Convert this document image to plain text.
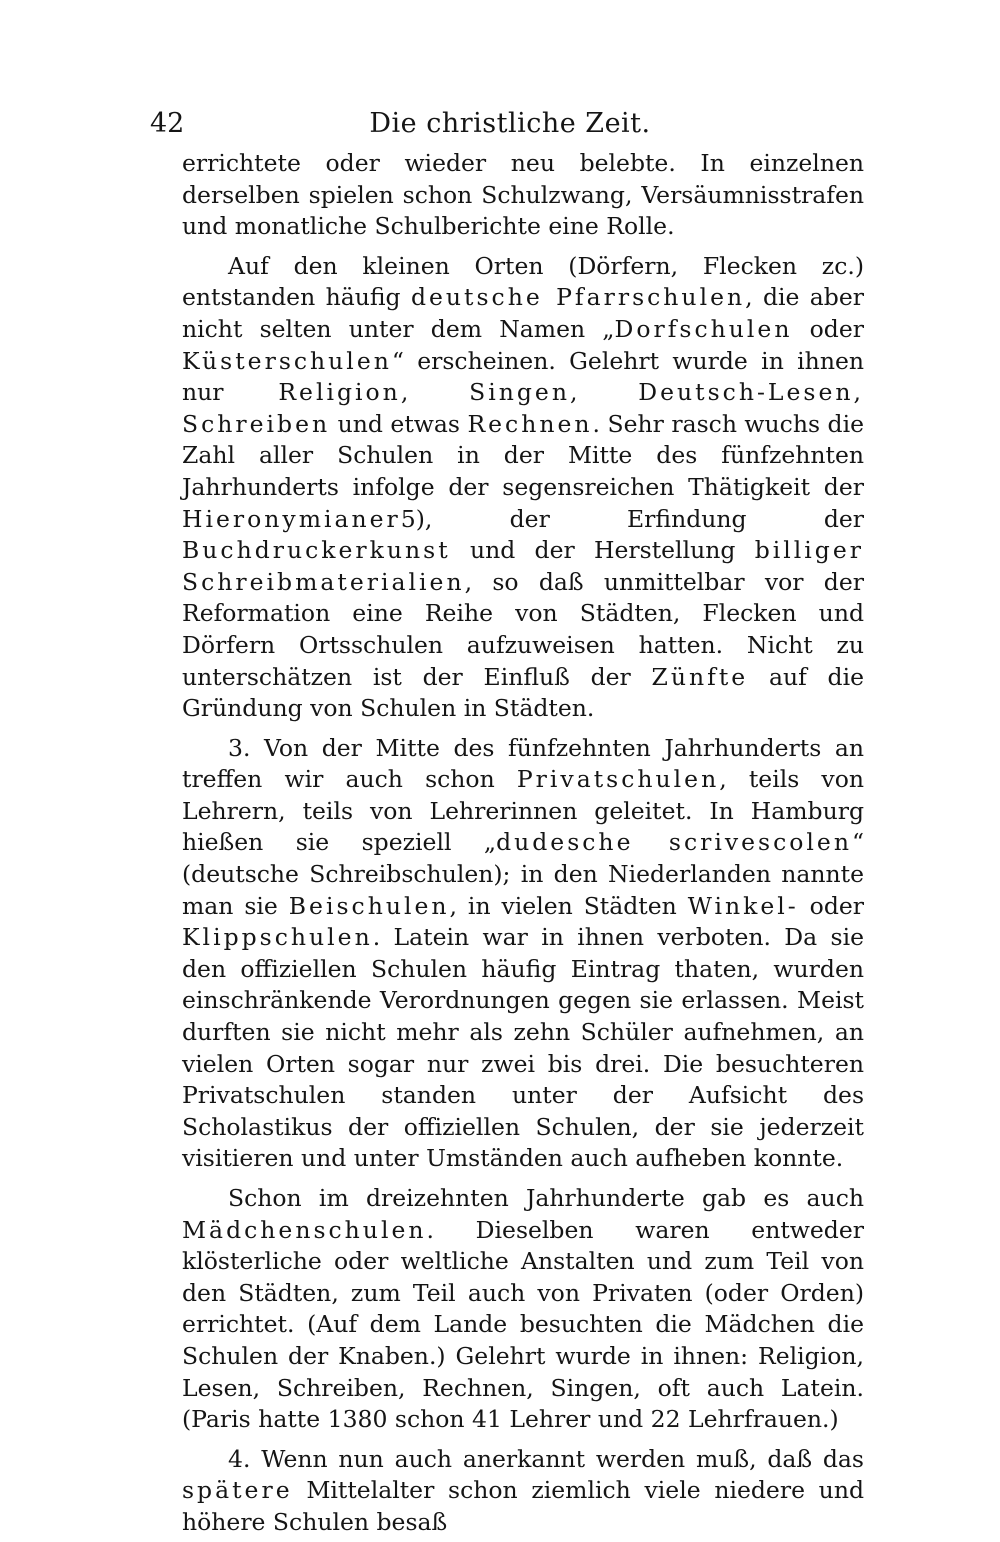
42	Die christliche Zeit.

errichtete oder wieder neu belebte. In einzelnen derselben spielen schon Schulzwang, Versäumnisstrafen und monatliche Schulberichte eine Rolle.

Auf den kleinen Orten (Dörfern, Flecken zc.) entstanden häufig deutsche Pfarrschulen, die aber nicht selten unter dem Namen „Dorfschulen oder Küsterschulen“ erscheinen. Gelehrt wurde in ihnen nur Religion, Singen, Deutsch-Lesen, Schreiben und etwas Rechnen. Sehr rasch wuchs die Zahl aller Schulen in der Mitte des fünfzehnten Jahrhunderts infolge der segensreichen Thätigkeit der Hieronymianer5), der Erfindung der Buchdruckerkunst und der Herstellung billiger Schreibmaterialien, so daß unmittelbar vor der Reformation eine Reihe von Städten, Flecken und Dörfern Ortsschulen aufzuweisen hatten. Nicht zu unterschätzen ist der Einfluß der Zünfte auf die Gründung von Schulen in Städten.

3. Von der Mitte des fünfzehnten Jahrhunderts an treffen wir auch schon Privatschulen, teils von Lehrern, teils von Lehrerinnen geleitet. In Hamburg hießen sie speziell „dudesche scrivescolen“ (deutsche Schreibschulen); in den Niederlanden nannte man sie Beischulen, in vielen Städten Winkel- oder Klippschulen. Latein war in ihnen verboten. Da sie den offiziellen Schulen häufig Eintrag thaten, wurden einschränkende Verordnungen gegen sie erlassen. Meist durften sie nicht mehr als zehn Schüler aufnehmen, an vielen Orten sogar nur zwei bis drei. Die besuchteren Privatschulen standen unter der Aufsicht des Scholastikus der offiziellen Schulen, der sie jederzeit visitieren und unter Umständen auch aufheben konnte.

Schon im dreizehnten Jahrhunderte gab es auch Mädchenschulen. Dieselben waren entweder klösterliche oder weltliche Anstalten und zum Teil von den Städten, zum Teil auch von Privaten (oder Orden) errichtet. (Auf dem Lande besuchten die Mädchen die Schulen der Knaben.) Gelehrt wurde in ihnen: Religion, Lesen, Schreiben, Rechnen, Singen, oft auch Latein. (Paris hatte 1380 schon 41 Lehrer und 22 Lehrfrauen.)

4. Wenn nun auch anerkannt werden muß, daß das spätere Mittelalter schon ziemlich viele niedere und höhere Schulen besaß
